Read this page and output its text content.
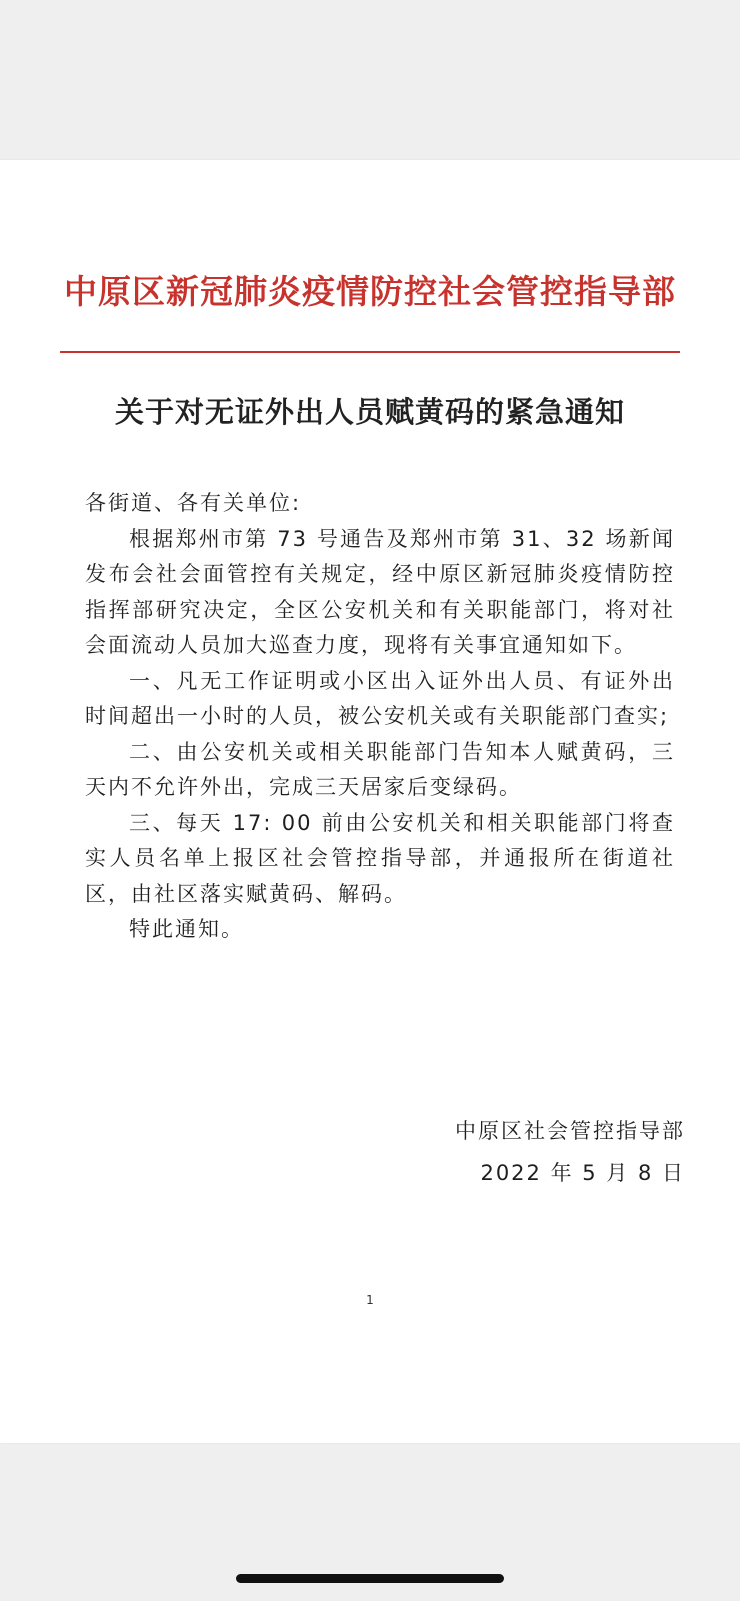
中原区新冠肺炎疫情防控社会管控指导部
关于对无证外出人员赋黄码的紧急通知

各街道、各有关单位:

根据郑州市第 73 号通告及郑州市第 31、32 场新闻发布会社会面管控有关规定，经中原区新冠肺炎疫情防控指挥部研究决定，全区公安机关和有关职能部门，将对社会面流动人员加大巡查力度，现将有关事宜通知如下。

一、凡无工作证明或小区出入证外出人员、有证外出时间超出一小时的人员，被公安机关或有关职能部门查实;

二、由公安机关或相关职能部门告知本人赋黄码，三天内不允许外出，完成三天居家后变绿码。

三、每天 17: 00 前由公安机关和相关职能部门将查实人员名单上报区社会管控指导部，并通报所在街道社区，由社区落实赋黄码、解码。

特此通知。

中原区社会管控指导部
2022 年 5 月 8 日
1
